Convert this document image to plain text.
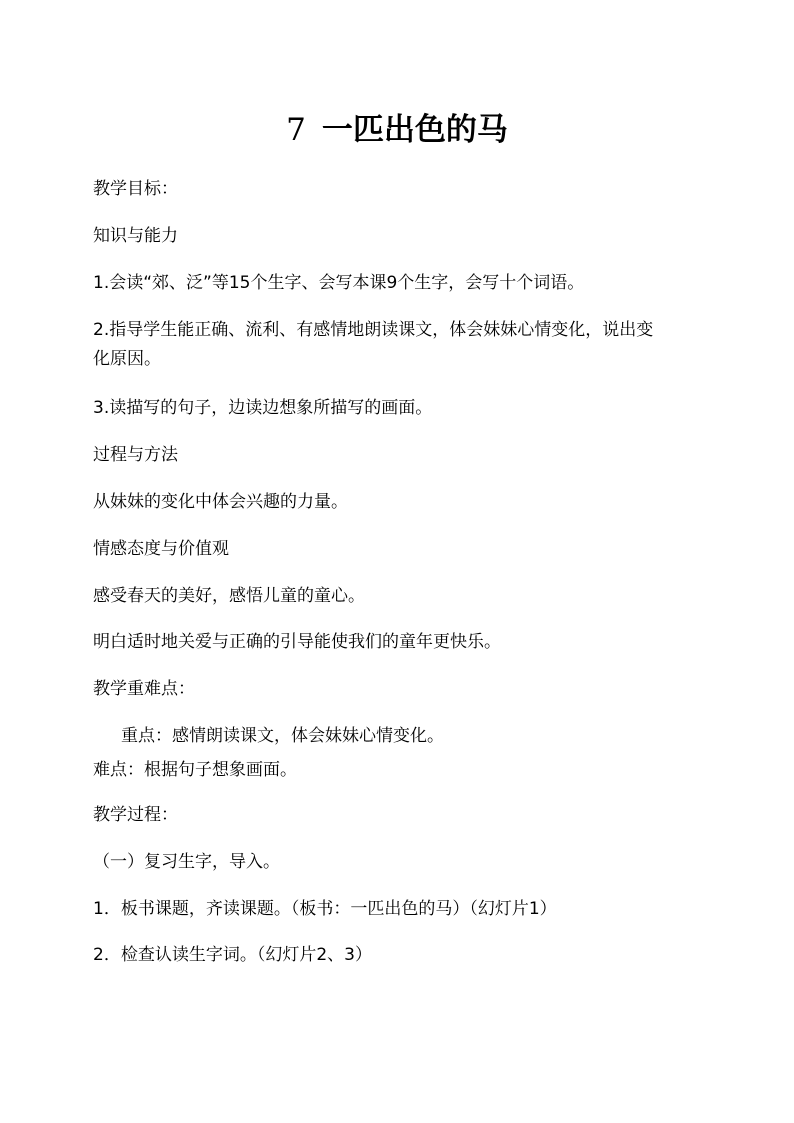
7 一匹出色的马
教学目标：
知识与能力
1.会读“郊、泛”等15个生字、会写本课9个生字，会写十个词语。
2.指导学生能正确、流利、有感情地朗读课文，体会妹妹心情变化，说出变
化原因。
3.读描写的句子，边读边想象所描写的画面。
过程与方法
从妹妹的变化中体会兴趣的力量。
情感态度与价值观
感受春天的美好，感悟儿童的童心。
明白适时地关爱与正确的引导能使我们的童年更快乐。
教学重难点：
重点：感情朗读课文，体会妹妹心情变化。
难点：根据句子想象画面。
教学过程：
（一）复习生字，导入。
1．板书课题，齐读课题。（板书：一匹出色的马）（幻灯片1）
2．检查认读生字词。（幻灯片2、3）
